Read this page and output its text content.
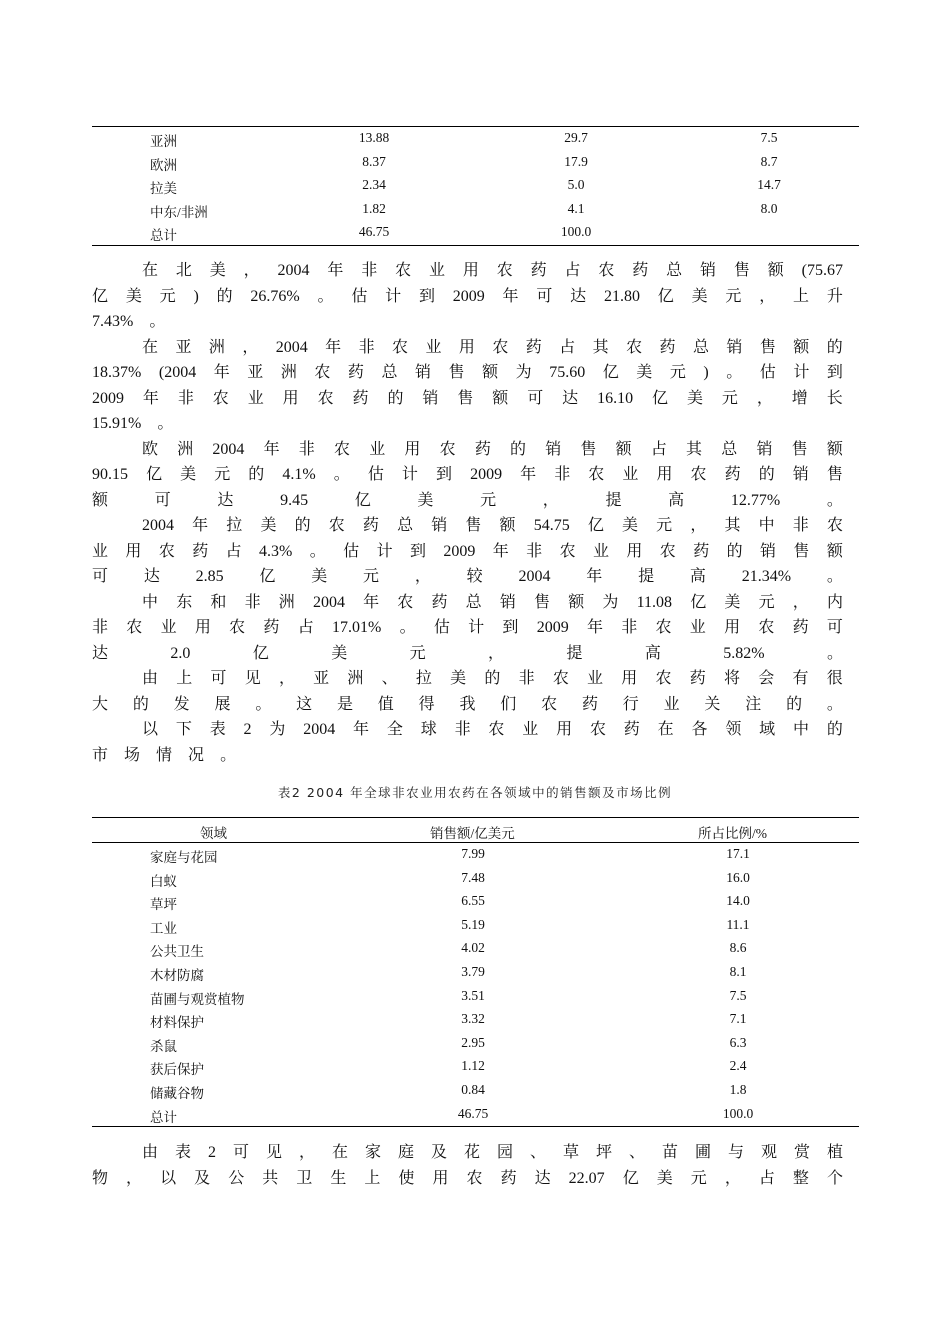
亚洲	13.88	29.7	7.5
欧洲	8.37	17.9	8.7
拉美	2.34	5.0	14.7
中东/非洲	1.82	4.1	8.0
总计	46.75	100.0
在 北 美 ， 2004 年 非 农 业 用 农 药 占 农 药 总 销 售 额 (75.67
亿 美 元 ) 的 26.76% 。 估 计 到 2009 年 可 达 21.80 亿 美 元 ， 上 升
7.43% 。
在 亚 洲 ， 2004 年 非 农 业 用 农 药 占 其 农 药 总 销 售 额 的
18.37% (2004 年 亚 洲 农 药 总 销 售 额 为 75.60 亿 美 元 ) 。 估 计 到
2009 年 非 农 业 用 农 药 的 销 售 额 可 达 16.10 亿 美 元 ， 增 长
15.91% 。
欧 洲 2004 年 非 农 业 用 农 药 的 销 售 额 占 其 总 销 售 额
90.15 亿 美 元 的 4.1% 。 估 计 到 2009 年 非 农 业 用 农 药 的 销 售
额	可	达	9.45	亿	美	元	，	提	高	12.77%	。
2004 年 拉 美 的 农 药 总 销 售 额 54.75 亿 美 元 ， 其 中 非 农
业 用 农 药 占 4.3% 。 估 计 到 2009 年 非 农 业 用 农 药 的 销 售 额
可 达 2.85 亿 美 元 ， 较 2004 年 提 高 21.34% 。
中 东 和 非 洲 2004 年 农 药 总 销 售 额 为 11.08 亿 美 元 ， 内
非 农 业 用 农 药 占 17.01% 。 估 计 到 2009 年 非 农 业 用 农 药 可
达	2.0	亿	美	元	，	提	高	5.82%	。
由 上 可 见 ， 亚 洲 、 拉 美 的 非 农 业 用 农 药 将 会 有 很
大 的 发 展 。 这 是 值 得 我 们 农 药 行 业 关 注 的 。
以 下 表 2 为 2004 年 全 球 非 农 业 用 农 药 在 各 领 域 中 的
市 场 情 况 。
表2 2004 年全球非农业用农药在各领域中的销售额及市场比例
领域	销售额/亿美元	所占比例/%
家庭与花园	7.99	17.1
白蚁	7.48	16.0
草坪	6.55	14.0
工业	5.19	11.1
公共卫生	4.02	8.6
木材防腐	3.79	8.1
苗圃与观赏植物	3.51	7.5
材料保护	3.32	7.1
杀鼠	2.95	6.3
获后保护	1.12	2.4
储藏谷物	0.84	1.8
总计	46.75	100.0
由 表 2 可 见 ， 在 家 庭 及 花 园 、 草 坪 、 苗 圃 与 观 赏 植
物 ， 以 及 公 共 卫 生 上 使 用 农 药 达 22.07 亿 美 元 ， 占 整 个
